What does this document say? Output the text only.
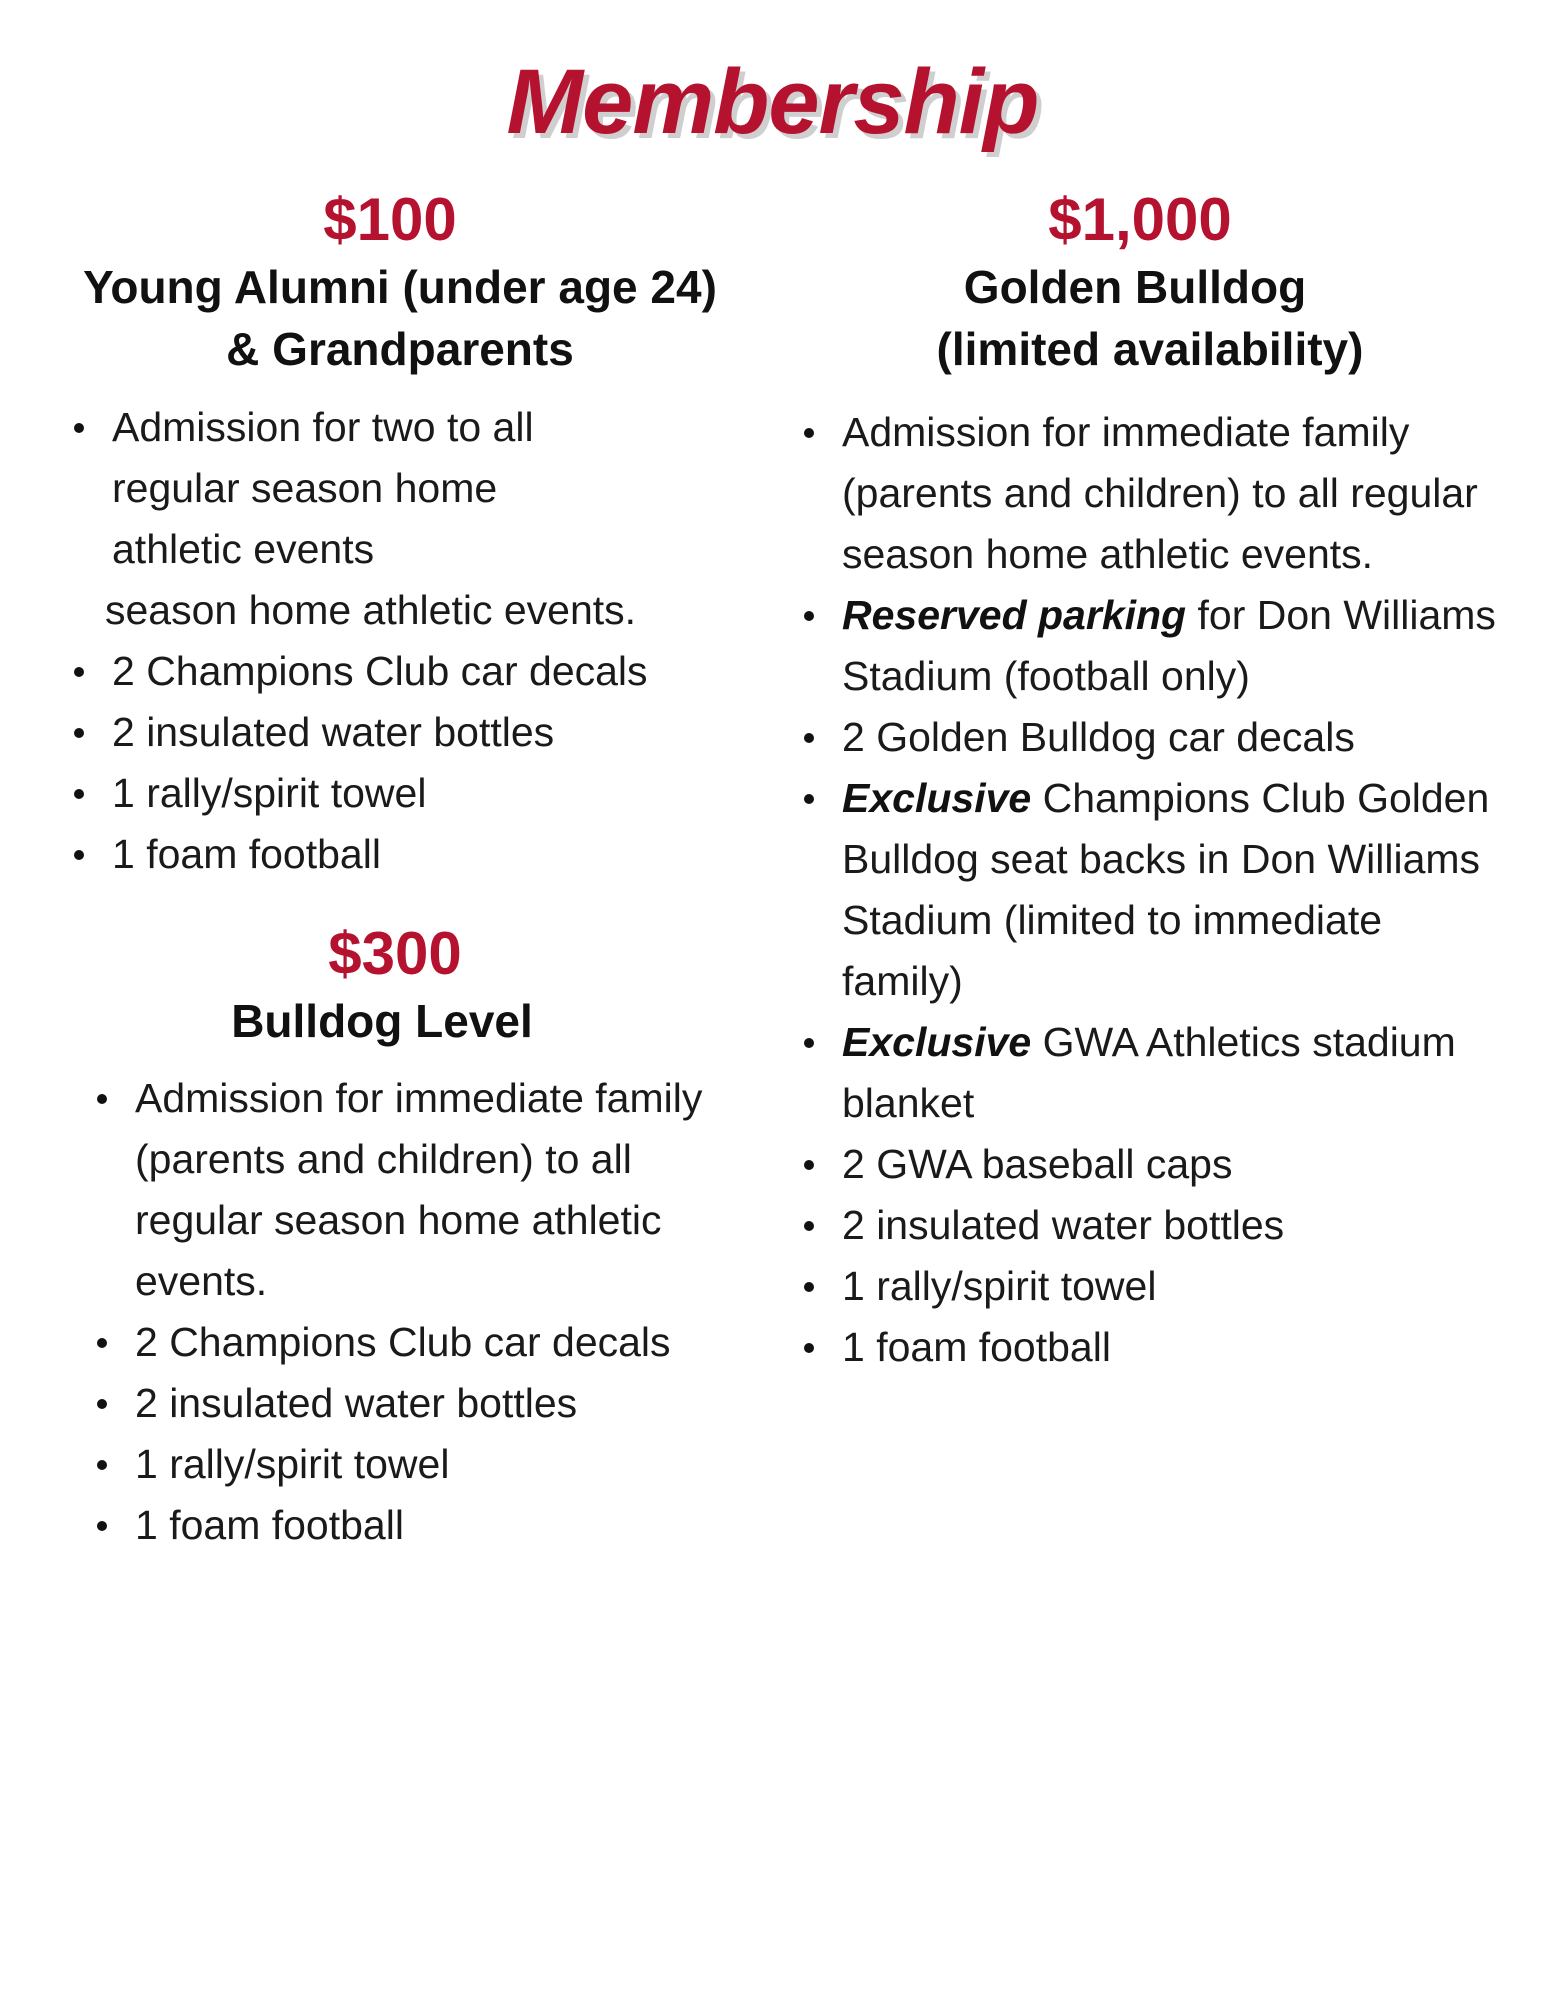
Membership
$100
Young Alumni (under age 24)
& Grandparents
Admission for two to all
regular season home
athletic events
season home athletic events.
2 Champions Club car decals
2 insulated water bottles
1 rally/spirit towel
1 foam football
$300
Bulldog Level
Admission for immediate family (parents and children) to all regular season home athletic events.
2 Champions Club car decals
2 insulated water bottles
1 rally/spirit towel
1 foam football
$1,000
Golden Bulldog
(limited availability)
Admission for immediate family (parents and children) to all regular season home athletic events.
Reserved parking for Don Williams Stadium (football only)
2 Golden Bulldog car decals
Exclusive Champions Club Golden Bulldog seat backs in Don Williams Stadium (limited to immediate family)
Exclusive GWA Athletics stadium blanket
2 GWA baseball caps
2 insulated water bottles
1 rally/spirit towel
1 foam football
